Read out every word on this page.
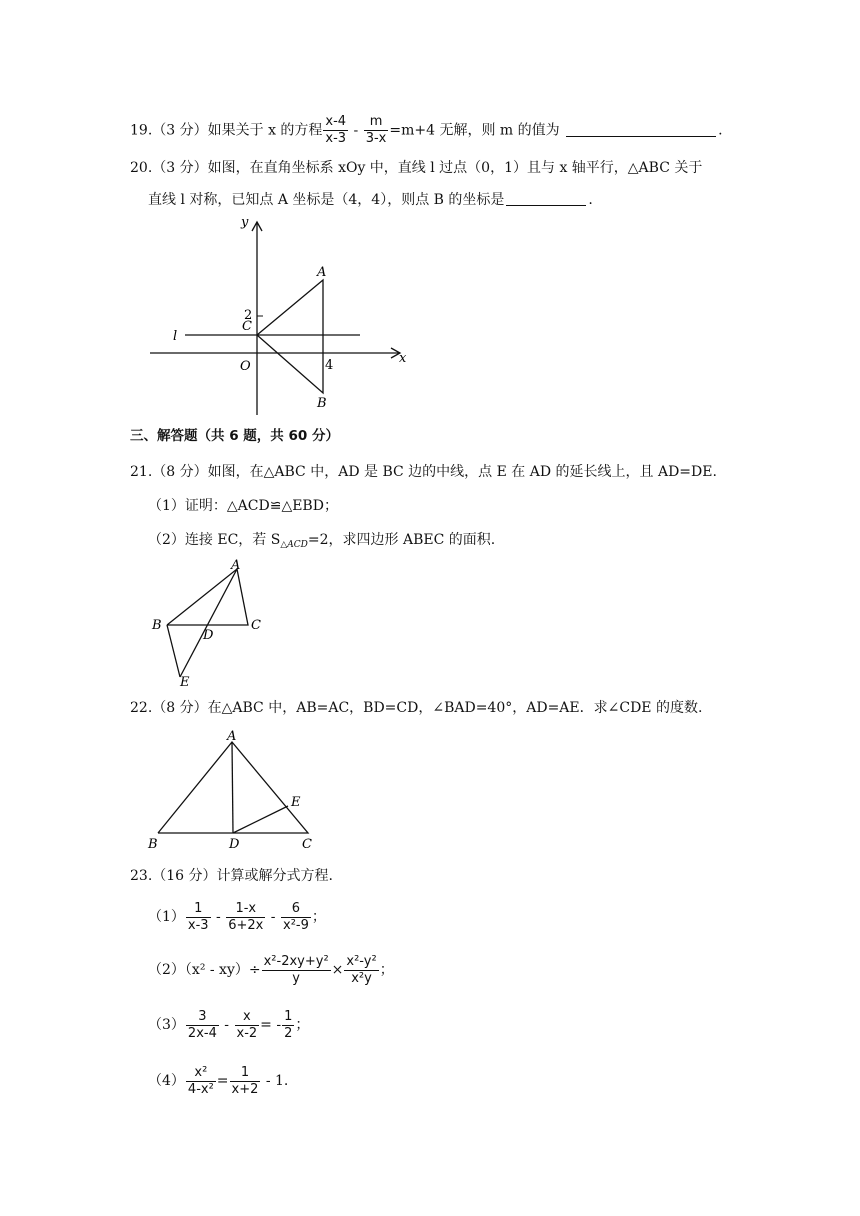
19.（3 分）如果关于 x 的方程 $\frac{x-4}{x-3} - \frac{m}{3-x} =m+4$ 无解，则 m 的值为	.
20.（3 分）如图，在直角坐标系 xOy 中，直线 l 过点（0，1）且与 x 轴平行，△ABC 关于
直线 l 对称，已知点 A 坐标是（4，4），则点 B 的坐标是	.
y
x
O
l
A
B
C
2
4
三、解答题（共 6 题，共 60 分）
21.（8 分）如图，在△ABC 中，AD 是 BC 边的中线，点 E 在 AD 的延长线上，且 AD=DE.
（1）证明：△ACD≌△EBD；
（2）连接 EC，若 $S_{\triangle ACD}=2$，求四边形 ABEC 的面积.
A
B	C
D
E
22.（8 分）在△ABC 中，AB=AC，BD=CD，∠BAD=40°，AD=AE．求∠CDE 的度数.
A
B	C
D
E
23.（16 分）计算或解分式方程.
$(1) \frac{1}{x-3} - \frac{1-x}{6+2x} - \frac{6}{\text{x²-9}}$ ；
$(2)(x^2 - xy)\div \frac{\text{x²-2xy+y²}}{y} \times \frac{\text{x²-y²}}{\text{x²y}}$ ；
$(3) \frac{3}{2x-4} - \frac{x}{x-2}$ = - $\frac{1}{2}$ ；
$(4) \frac{\text{x²}}{\text{4-x²}} = \frac{1}{x+2} - 1$.
